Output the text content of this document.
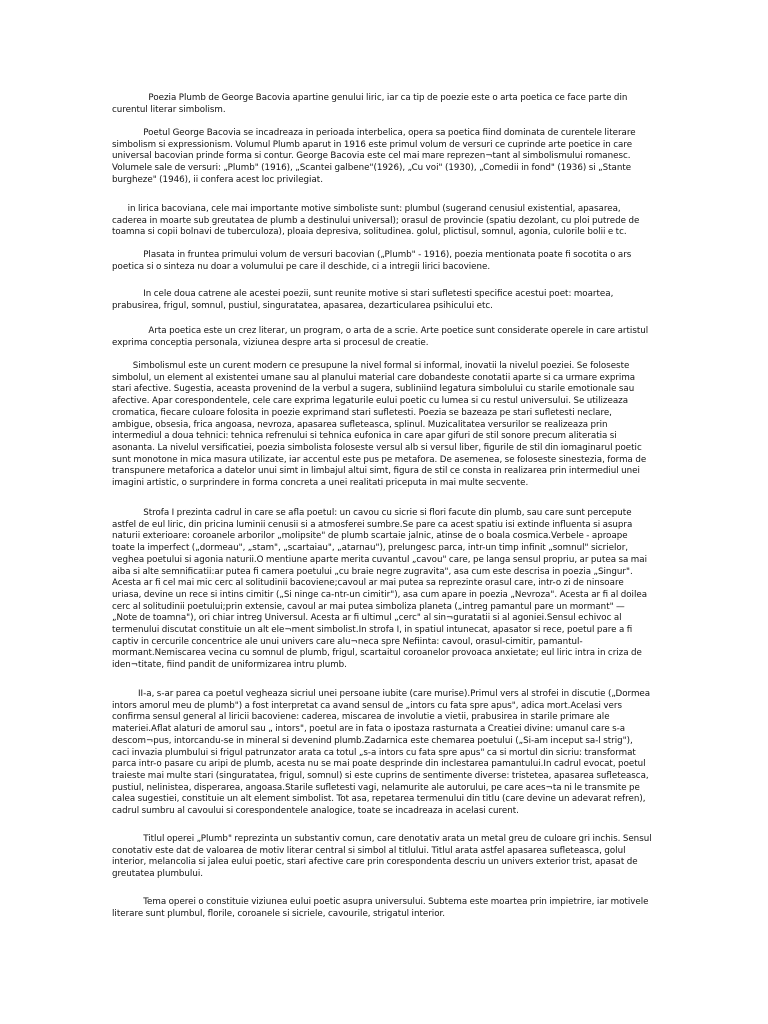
Poezia Plumb de George Bacovia apartine genului liric, iar ca tip de poezie este o arta poetica ce face parte din curentul literar simbolism.

Poetul George Bacovia se incadreaza in perioada interbelica, opera sa poetica fiind dominata de curentele literare simbolism si expressionism. Volumul Plumb aparut in 1916 este primul volum de versuri ce cuprinde arte poetice in care universal bacovian prinde forma si contur. George Bacovia este cel mai mare reprezen¬tant al simbolismului romanesc. Volumele sale de versuri: „Plumb" (1916), „Scantei galbene"(1926), „Cu voi" (1930), „Comedii in fond" (1936) si „Stante burgheze" (1946), ii confera acest loc privilegiat.

in lirica bacoviana, cele mai importante motive simboliste sunt: plumbul (sugerand cenusiul existential, apasarea, caderea in moarte sub greutatea de plumb a destinului universal); orasul de provincie (spatiu dezolant, cu ploi putrede de toamna si copii bolnavi de tuberculoza), ploaia depresiva, solitudinea. golul, plictisul, somnul, agonia, culorile bolii e tc.

Plasata in fruntea primului volum de versuri bacovian („Plumb" - 1916), poezia mentionata poate fi socotita o ars poetica si o sinteza nu doar a volumului pe care il deschide, ci a intregii lirici bacoviene.

In cele doua catrene ale acestei poezii, sunt reunite motive si stari sufletesti specifice acestui poet: moartea, prabusirea, frigul, somnul, pustiul, singuratatea, apasarea, dezarticularea psihicului etc.

Arta poetica este un crez literar, un program, o arta de a scrie. Arte poetice sunt considerate operele in care artistul exprima conceptia personala, viziunea despre arta si procesul de creatie.

Simbolismul este un curent modern ce presupune la nivel formal si informal, inovatii la nivelul poeziei. Se foloseste simbolul, un element al existentei umane sau al planului material care dobandeste conotatii aparte si ca urmare exprima stari afective. Sugestia, aceasta provenind de la verbul a sugera, subliniind legatura simbolului cu starile emotionale sau afective. Apar corespondentele, cele care exprima legaturile eului poetic cu lumea si cu restul universului. Se utilizeaza cromatica, fiecare culoare folosita in poezie exprimand stari sufletesti. Poezia se bazeaza pe stari sufletesti neclare, ambigue, obsesia, frica angoasa, nevroza, apasarea sufleteasca, splinul. Muzicalitatea versurilor se realizeaza prin intermediul a doua tehnici: tehnica refrenului si tehnica eufonica in care apar gifuri de stil sonore precum aliteratia si asonanta. La nivelul versificatiei, poezia simbolista foloseste versul alb si versul liber, figurile de stil din iomaginarul poetic sunt monotone in mica masura utilizate, iar accentul este pus pe metafora. De asemenea, se foloseste sinestezia, forma de transpunere metaforica a datelor unui simt in limbajul altui simt, figura de stil ce consta in realizarea prin intermediul unei imagini artistic, o surprindere in forma concreta a unei realitati priceputa in mai multe secvente.

Strofa I prezinta cadrul in care se afla poetul: un cavou cu sicrie si flori facute din plumb, sau care sunt percepute astfel de eul liric, din pricina luminii cenusii si a atmosferei sumbre.Se pare ca acest spatiu isi extinde influenta si asupra naturii exterioare: coroanele arborilor „molipsite" de plumb scartaie jalnic, atinse de o boala cosmica.Verbele - aproape toate la imperfect („dormeau", „stam", „scartaiau", „atarnau"), prelungesc parca, intr-un timp infinit „somnul" sicrielor, veghea poetului si agonia naturii.O mentiune aparte merita cuvantul „cavou" care, pe langa sensul propriu, ar putea sa mai aiba si alte semnificatii:ar putea fi camera poetului „cu braie negre zugravita", asa cum este descrisa in poezia „Singur". Acesta ar fi cel mai mic cerc al solitudinii bacoviene;cavoul ar mai putea sa reprezinte orasul care, intr-o zi de ninsoare uriasa, devine un rece si intins cimitir („Si ninge ca-ntr-un cimitir"), asa cum apare in poezia „Nevroza". Acesta ar fi al doilea cerc al solitudinii poetului;prin extensie, cavoul ar mai putea simboliza planeta („intreg pamantul pare un mormant" — „Note de toamna"), ori chiar intreg Universul. Acesta ar fi ultimul „cerc" al sin¬guratatii si al agoniei.Sensul echivoc al termenului discutat constituie un alt ele¬ment simbolist.In strofa I, in spatiul intunecat, apasator si rece, poetul pare a fi captiv in cercurile concentrice ale unui univers care alu¬neca spre Nefiinta: cavoul, orasul-cimitir, pamantul-mormant.Nemiscarea vecina cu somnul de plumb, frigul, scartaitul coroanelor provoaca anxietate; eul liric intra in criza de iden¬titate, fiind pandit de uniformizarea intru plumb.

II-a, s-ar parea ca poetul vegheaza sicriul unei persoane iubite (care murise).Primul vers al strofei in discutie („Dormea intors amorul meu de plumb") a fost interpretat ca avand sensul de „intors cu fata spre apus", adica mort.Acelasi vers confirma sensul general al liricii bacoviene: caderea, miscarea de involutie a vietii, prabusirea in starile primare ale materiei.Aflat alaturi de amorul sau „ intors", poetul are in fata o ipostaza rasturnata a Creatiei divine: umanul care s-a descom¬pus, intorcandu-se in mineral si devenind plumb.Zadarnica este chemarea poetului („Si-am inceput sa-l strig"), caci invazia plumbului si frigul patrunzator arata ca totul „s-a intors cu fata spre apus" ca si mortul din sicriu: transformat parca intr-o pasare cu aripi de plumb, acesta nu se mai poate desprinde din inclestarea pamantului.In cadrul evocat, poetul traieste mai multe stari (singuratatea, frigul, somnul) si este cuprins de sentimente diverse: tristetea, apasarea sufleteasca, pustiul, nelinistea, disperarea, angoasa.Starile sufletesti vagi, nelamurite ale autorului, pe care aces¬ta ni le transmite pe calea sugestiei, constituie un alt element simbolist. Tot asa, repetarea termenului din titlu (care devine un adevarat refren), cadrul sumbru al cavoului si corespondentele analogice, toate se incadreaza in acelasi curent.

Titlul operei „Plumb" reprezinta un substantiv comun, care denotativ arata un metal greu de culoare gri inchis. Sensul conotativ este dat de valoarea de motiv literar central si simbol al titlului. Titlul arata astfel apasarea sufleteasca, golul interior, melancolia si jalea eului poetic, stari afective care prin corespondenta descriu un univers exterior trist, apasat de greutatea plumbului.

Tema operei o constituie viziunea eului poetic asupra universului. Subtema este moartea prin impietrire, iar motivele literare sunt plumbul, florile, coroanele si sicriele, cavourile, strigatul interior.
